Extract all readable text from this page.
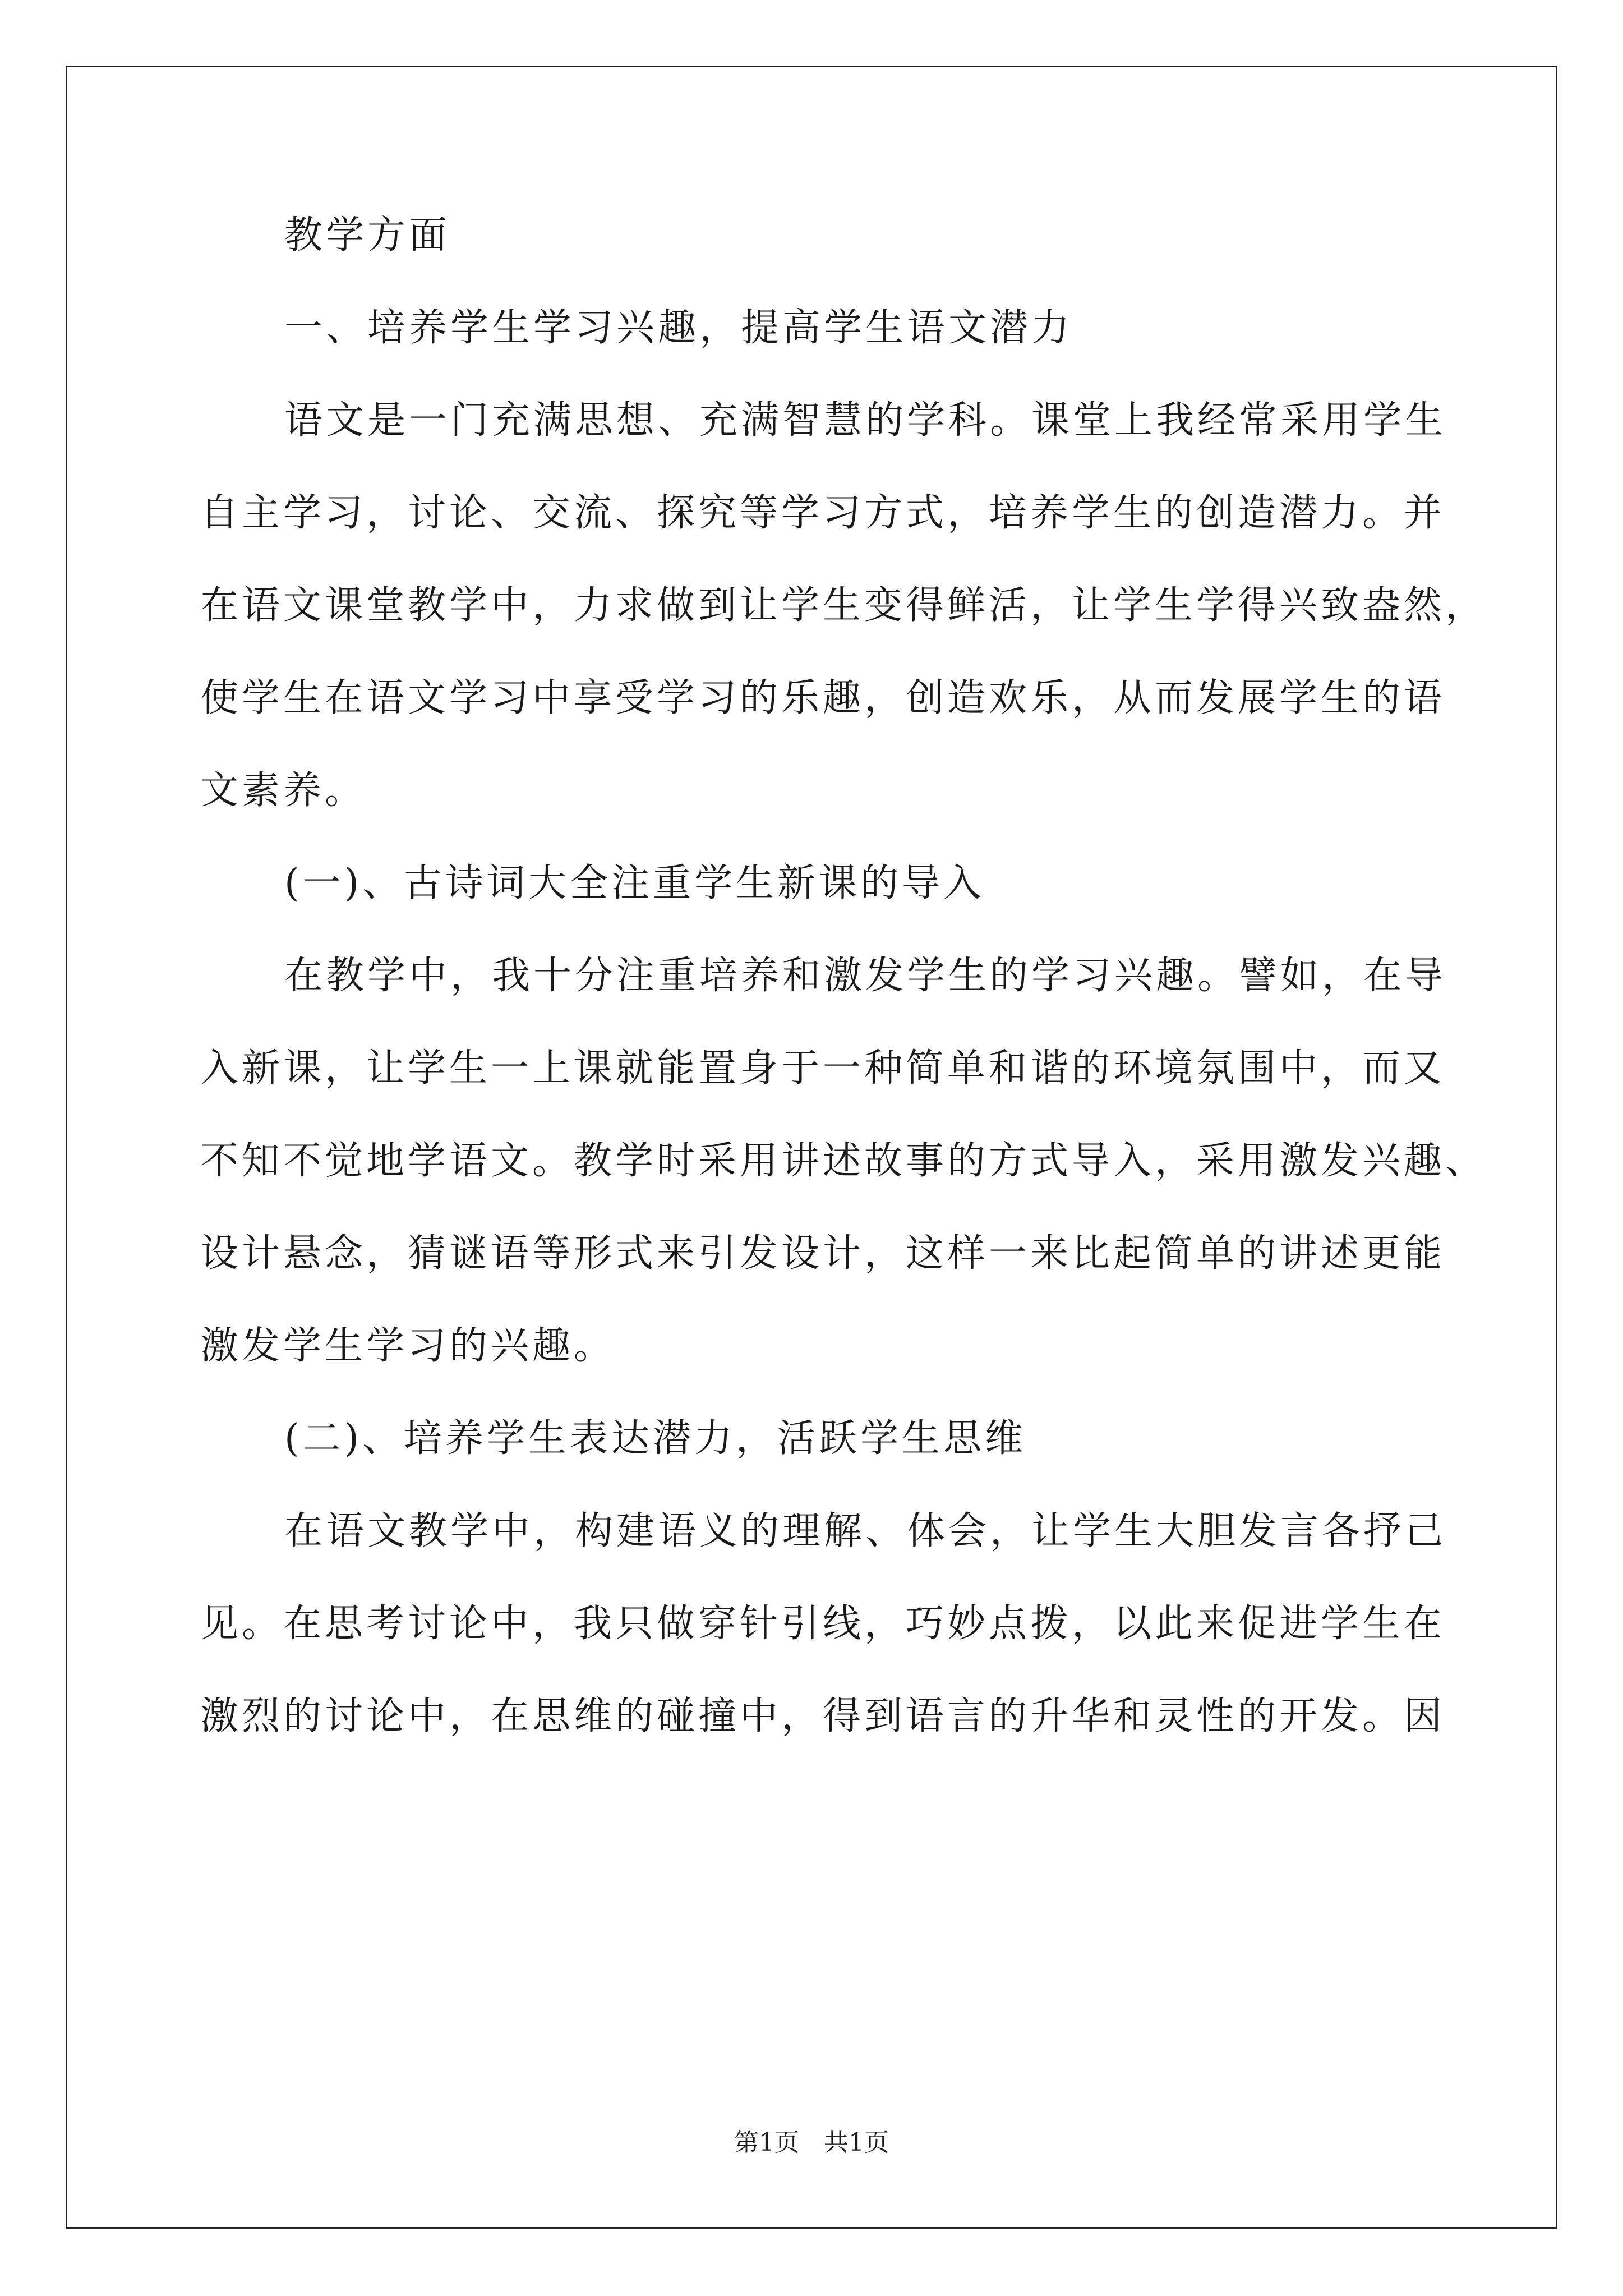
教学方面
一、培养学生学习兴趣，提高学生语文潜力
语文是一门充满思想、充满智慧的学科。课堂上我经常采用学生
自主学习，讨论、交流、探究等学习方式，培养学生的创造潜力。并
在语文课堂教学中，力求做到让学生变得鲜活，让学生学得兴致盎然，
使学生在语文学习中享受学习的乐趣，创造欢乐，从而发展学生的语
文素养。
(一)、古诗词大全注重学生新课的导入
在教学中，我十分注重培养和激发学生的学习兴趣。譬如，在导
入新课，让学生一上课就能置身于一种简单和谐的环境氛围中，而又
不知不觉地学语文。教学时采用讲述故事的方式导入，采用激发兴趣、
设计悬念，猜谜语等形式来引发设计，这样一来比起简单的讲述更能
激发学生学习的兴趣。
(二)、培养学生表达潜力，活跃学生思维
在语文教学中，构建语义的理解、体会，让学生大胆发言各抒己
见。在思考讨论中，我只做穿针引线，巧妙点拨，以此来促进学生在
激烈的讨论中，在思维的碰撞中，得到语言的升华和灵性的开发。因
第1页　共1页
